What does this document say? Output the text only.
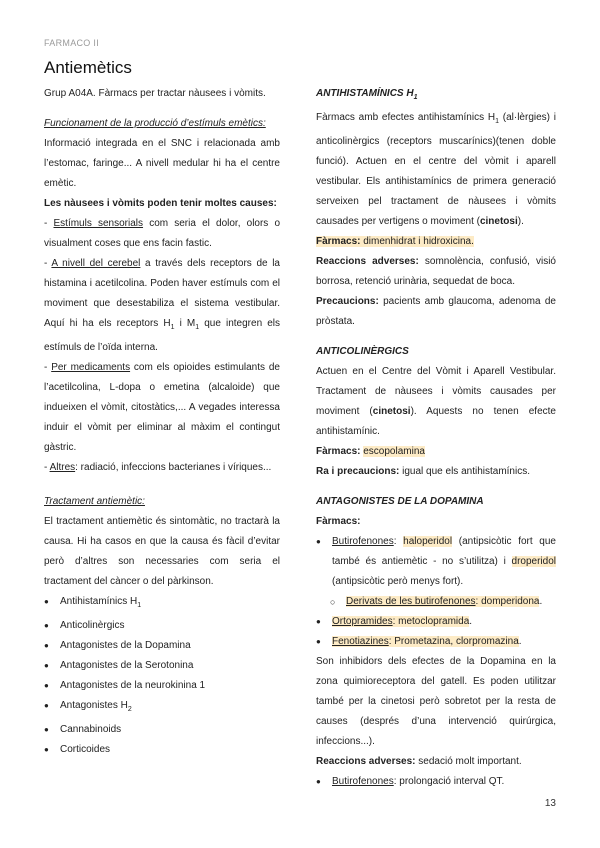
FARMACO II
Antiemètics

Grup A04A. Fàrmacs per tractar nàusees i vòmits.

Funcionament de la producció d’estímuls emètics:

Informació integrada en el SNC i relacionada amb l’estomac, faringe... A nivell medular hi ha el centre emètic.

Les nàusees i vòmits poden tenir moltes causes:

- Estímuls sensorials com seria el dolor, olors o visualment coses que ens facin fastic.

- A nivell del cerebel a través dels receptors de la histamina i acetilcolina. Poden haver estímuls com el moviment que desestabiliza el sistema vestibular. Aquí hi ha els receptors $H_1$ i $M_1$ que integren els estímuls de l’oïda interna.

- Per medicaments com els opioides estimulants de l’acetilcolina, L-dopa o emetina (alcaloide) que indueixen el vòmit, citostàtics,... A vegades interessa induir el vòmit per eliminar al màxim el contingut gàstric.

- Altres: radiació, infeccions bacterianes i víriques...

Tractament antiemètic:

El tractament antiemètic és sintomàtic, no tractarà la causa. Hi ha casos en que la causa és fàcil d’evitar però d’altres son necessaries com seria el tractament del càncer o del pàrkinson.

● Antihistamínics $H_1$

● Anticolinèrgics

● Antagonistes de la Dopamina

● Antagonistes de la Serotonina

● Antagonistes de la neurokinina 1

● Antagonistes $H_2$

● Cannabinoids

● Corticoides

ANTIHISTAMÍNICS $H_1$

Fàrmacs amb efectes antihistamínics $H_1$ (al·lèrgies) i anticolinèrgics (receptors muscarínics)(tenen doble funció). Actuen en el centre del vòmit i aparell vestibular. Els antihistamínics de primera generació serveixen pel tractament de nàusees i vòmits causades per vertigens o moviment (cinetosi).

Fàrmacs: dimenhidrat i hidroxicina.

Reaccions adverses: somnolència, confusió, visió borrosa, retenció urinària, sequedat de boca.

Precaucions: pacients amb glaucoma, adenoma de pròstata.

ANTICOLINÈRGICS

Actuen en el Centre del Vòmit i Aparell Vestibular. Tractament de nàusees i vòmits causades per moviment (cinetosi). Aquests no tenen efecte antihistamínic.

Fàrmacs: escopolamina

Ra i precaucions: igual que els antihistamínics.

ANTAGONISTES DE LA DOPAMINA

Fàrmacs:

● Butirofenones: haloperidol (antipsicòtic fort que també és antiemètic - no s’utilitza) i droperidol (antipsicòtic però menys fort).

○ Derivats de les butirofenones: domperidona.

● Ortopramides: metoclopramida.

● Fenotiazines: Prometazina, clorpromazina.

Son inhibidors dels efectes de la Dopamina en la zona quimioreceptora del gatell. Es poden utilitzar també per la cinetosi però sobretot per la resta de causes (després d’una intervenció quirúrgica, infeccions...).

Reaccions adverses: sedació molt important.

● Butirofenones: prolongació interval QT.

13
